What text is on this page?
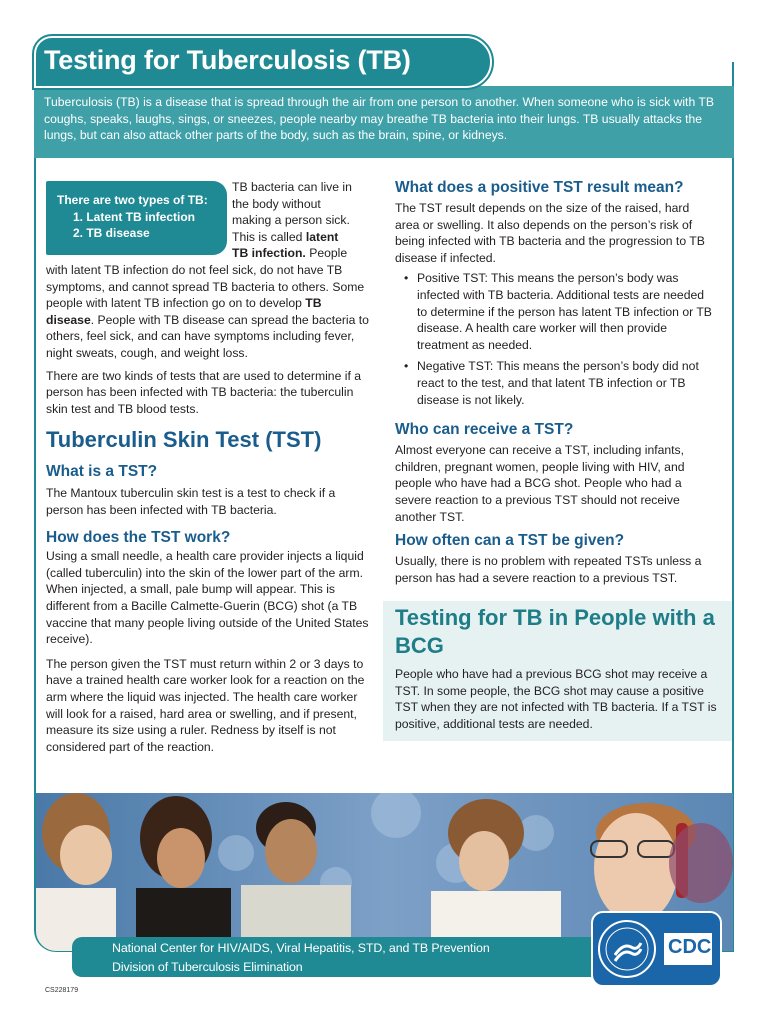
Tuberculosis (TB) is a disease that is spread through the air from one person to another. When someone who is sick with TB coughs, speaks, laughs, sings, or sneezes, people nearby may breathe TB bacteria into their lungs. TB usually attacks the lungs, but can also attack other parts of the body, such as the brain, spine, or kidneys.

Testing for Tuberculosis (TB)
There are two types of TB:
1. Latent TB infection
2. TB disease
TB bacteria can live in
the body without
making a person sick.
This is called latent
TB infection. People

with latent TB infection do not feel sick, do not have TB symptoms, and cannot spread TB bacteria to others. Some people with latent TB infection go on to develop TB disease. People with TB disease can spread the bacteria to others, feel sick, and can have symptoms including fever, night sweats, cough, and weight loss.

There are two kinds of tests that are used to determine if a person has been infected with TB bacteria: the tuberculin skin test and TB blood tests.

Tuberculin Skin Test (TST)
What is a TST?

The Mantoux tuberculin skin test is a test to check if a person has been infected with TB bacteria.

How does the TST work?

Using a small needle, a health care provider injects a liquid (called tuberculin) into the skin of the lower part of the arm. When injected, a small, pale bump will appear. This is different from a Bacille Calmette-Guerin (BCG) shot (a TB vaccine that many people living outside of the United States receive).

The person given the TST must return within 2 or 3 days to have a trained health care worker look for a reaction on the arm where the liquid was injected. The health care worker will look for a raised, hard area or swelling, and if present, measure its size using a ruler. Redness by itself is not considered part of the reaction.

What does a positive TST result mean?

The TST result depends on the size of the raised, hard area or swelling. It also depends on the person’s risk of being infected with TB bacteria and the progression to TB disease if infected.

• Positive TST: This means the person’s body was infected with TB bacteria. Additional tests are needed to determine if the person has latent TB infection or TB disease. A health care worker will then provide treatment as needed.
• Negative TST: This means the person’s body did not react to the test, and that latent TB infection or TB disease is not likely.
Who can receive a TST?

Almost everyone can receive a TST, including infants, children, pregnant women, people living with HIV, and people who have had a BCG shot. People who had a severe reaction to a previous TST should not receive another TST.

How often can a TST be given?

Usually, there is no problem with repeated TSTs unless a person has had a severe reaction to a previous TST.

Testing for TB in People with a BCG

People who have had a previous BCG shot may receive a TST. In some people, the BCG shot may cause a positive TST when they are not infected with TB bacteria. If a TST is positive, additional tests are needed.

National Center for HIV/AIDS, Viral Hepatitis, STD, and TB Prevention
Division of Tuberculosis Elimination
CDC
CS228179
